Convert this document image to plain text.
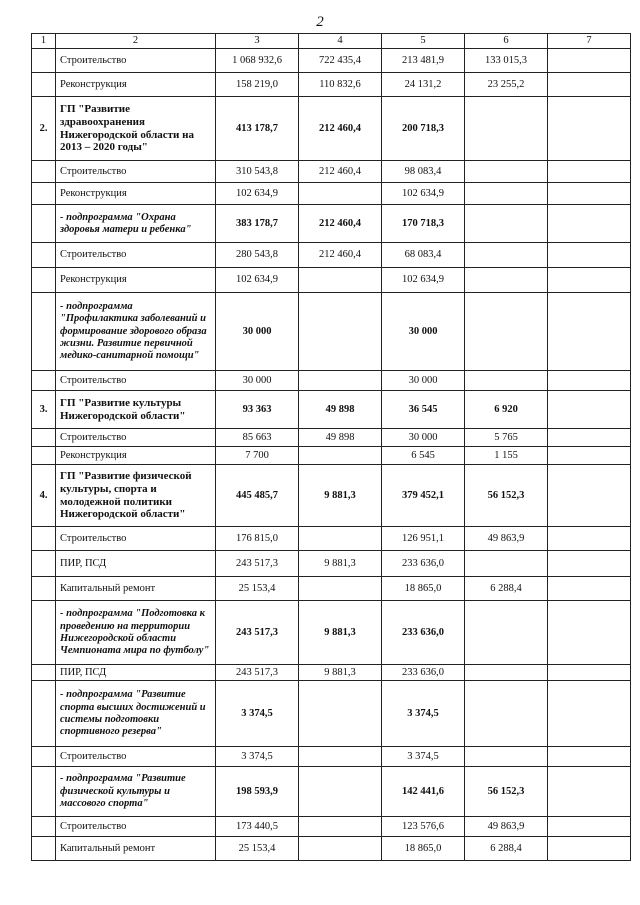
2
1	2	3	4	5	6	7
	Строительство	1 068 932,6	722 435,4	213 481,9	133 015,3	
	Реконструкция	158 219,0	110 832,6	24 131,2	23 255,2	
2.	ГП "Развитие здравоохранения Нижегородской области на 2013 – 2020 годы"	413 178,7	212 460,4	200 718,3		
	Строительство	310 543,8	212 460,4	98 083,4		
	Реконструкция	102 634,9		102 634,9		
	- подпрограмма "Охрана здоровья матери и ребенка"	383 178,7	212 460,4	170 718,3		
	Строительство	280 543,8	212 460,4	68 083,4		
	Реконструкция	102 634,9		102 634,9		
	- подпрограмма "Профилактика заболеваний и формирование здорового образа жизни. Развитие первичной медико-санитарной помощи"	30 000		30 000		
	Строительство	30 000		30 000		
3.	ГП "Развитие культуры Нижегородской области"	93 363	49 898	36 545	6 920	
	Строительство	85 663	49 898	30 000	5 765	
	Реконструкция	7 700		6 545	1 155	
4.	ГП "Развитие физической культуры, спорта и молодежной политики Нижегородской области"	445 485,7	9 881,3	379 452,1	56 152,3	
	Строительство	176 815,0		126 951,1	49 863,9	
	ПИР, ПСД	243 517,3	9 881,3	233 636,0		
	Капитальный ремонт	25 153,4		18 865,0	6 288,4	
	- подпрограмма "Подготовка к проведению на территории Нижегородской области Чемпионата мира по футболу"	243 517,3	9 881,3	233 636,0		
	ПИР, ПСД	243 517,3	9 881,3	233 636,0		
	- подпрограмма "Развитие спорта высших достижений и системы подготовки спортивного резерва"	3 374,5		3 374,5		
	Строительство	3 374,5		3 374,5		
	- подпрограмма "Развитие физической культуры и массового спорта"	198 593,9		142 441,6	56 152,3	
	Строительство	173 440,5		123 576,6	49 863,9	
	Капитальный ремонт	25 153,4		18 865,0	6 288,4	
